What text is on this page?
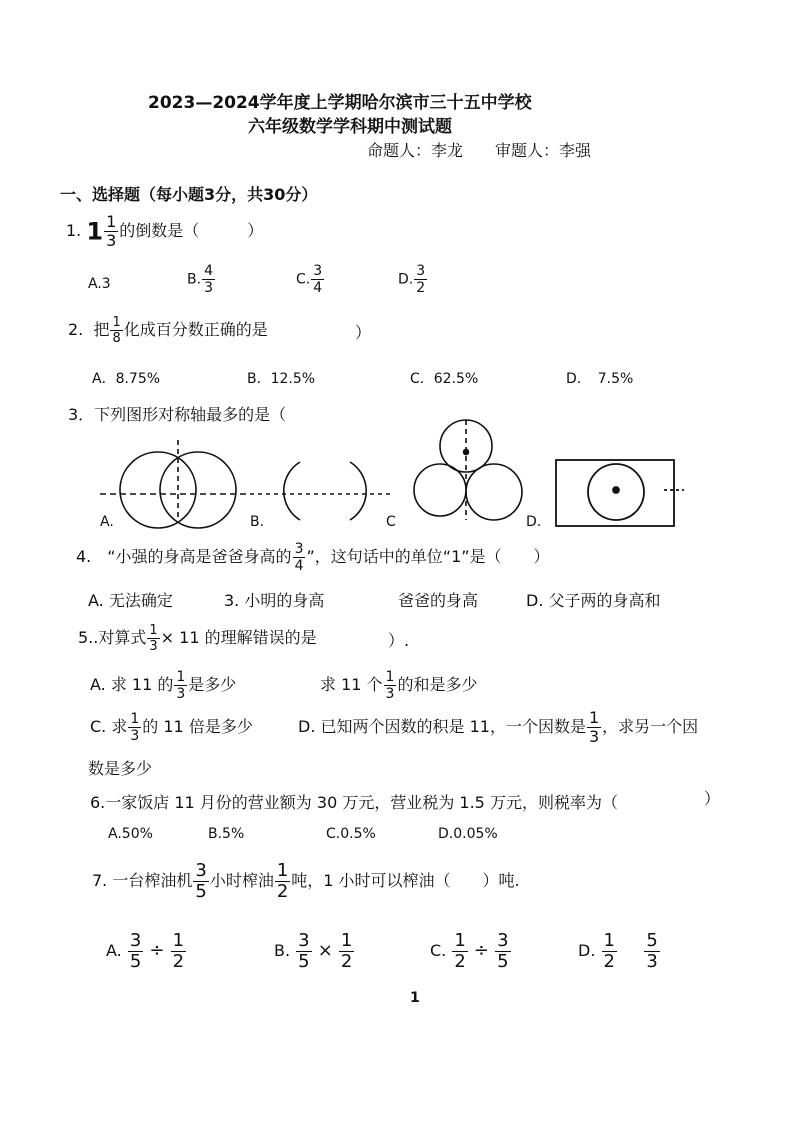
2023—2024学年度上学期哈尔滨市三十五中学校
六年级数学学科期中测试题
命题人：李龙　　审题人：李强
一、选择题（每小题3分，共30分）
1. $1 \frac{1}{3}$ 的倒数是（　　　）
A.3	B. $\frac{4}{3}$	C. $\frac{3}{4}$	D. $\frac{3}{2}$
2. 把 $\frac{1}{8}$ 化成百分数正确的是	）
A．8.75%	B．12.5%	C．62.5%	D．　7.5%
3．下列图形对称轴最多的是（
A.	B.	C	D.
4.　“小强的身高是爸爸身高的 $\frac{3}{4}$ ”，这句话中的单位“1”是（　　）
A. 无法确定	3. 小明的身高	爸爸的身高	D. 父子两的身高和
5..对算式 $\frac{1}{3} \times 11$ 的理解错误的是	）.
A. 求 11 的 $\frac{1}{3}$ 是多少	求 11 个 $\frac{1}{3}$ 的和是多少
C. 求 $\frac{1}{3}$ 的 11 倍是多少	D. 已知两个因数的积是 11，一个因数是 $\frac{1}{3}$ ，求另一个因
数是多少
6.一家饭店 11 月份的营业额为 30 万元，营业税为 1.5 万元，则税率为（	）
A.50%	B.5%	C.0.5%	D.0.05%
7. 一台榨油机 $\frac{3}{5}$ 小时榨油 $\frac{1}{2}$ 吨，1 小时可以榨油（　　）吨.
A. $\frac{3}{5} \div \frac{1}{2}$	B. $\frac{3}{5} \times \frac{1}{2}$	C. $\frac{1}{2} \div \frac{3}{5}$	D. $\frac{1}{2}$
$\frac{5}{3}$
1
